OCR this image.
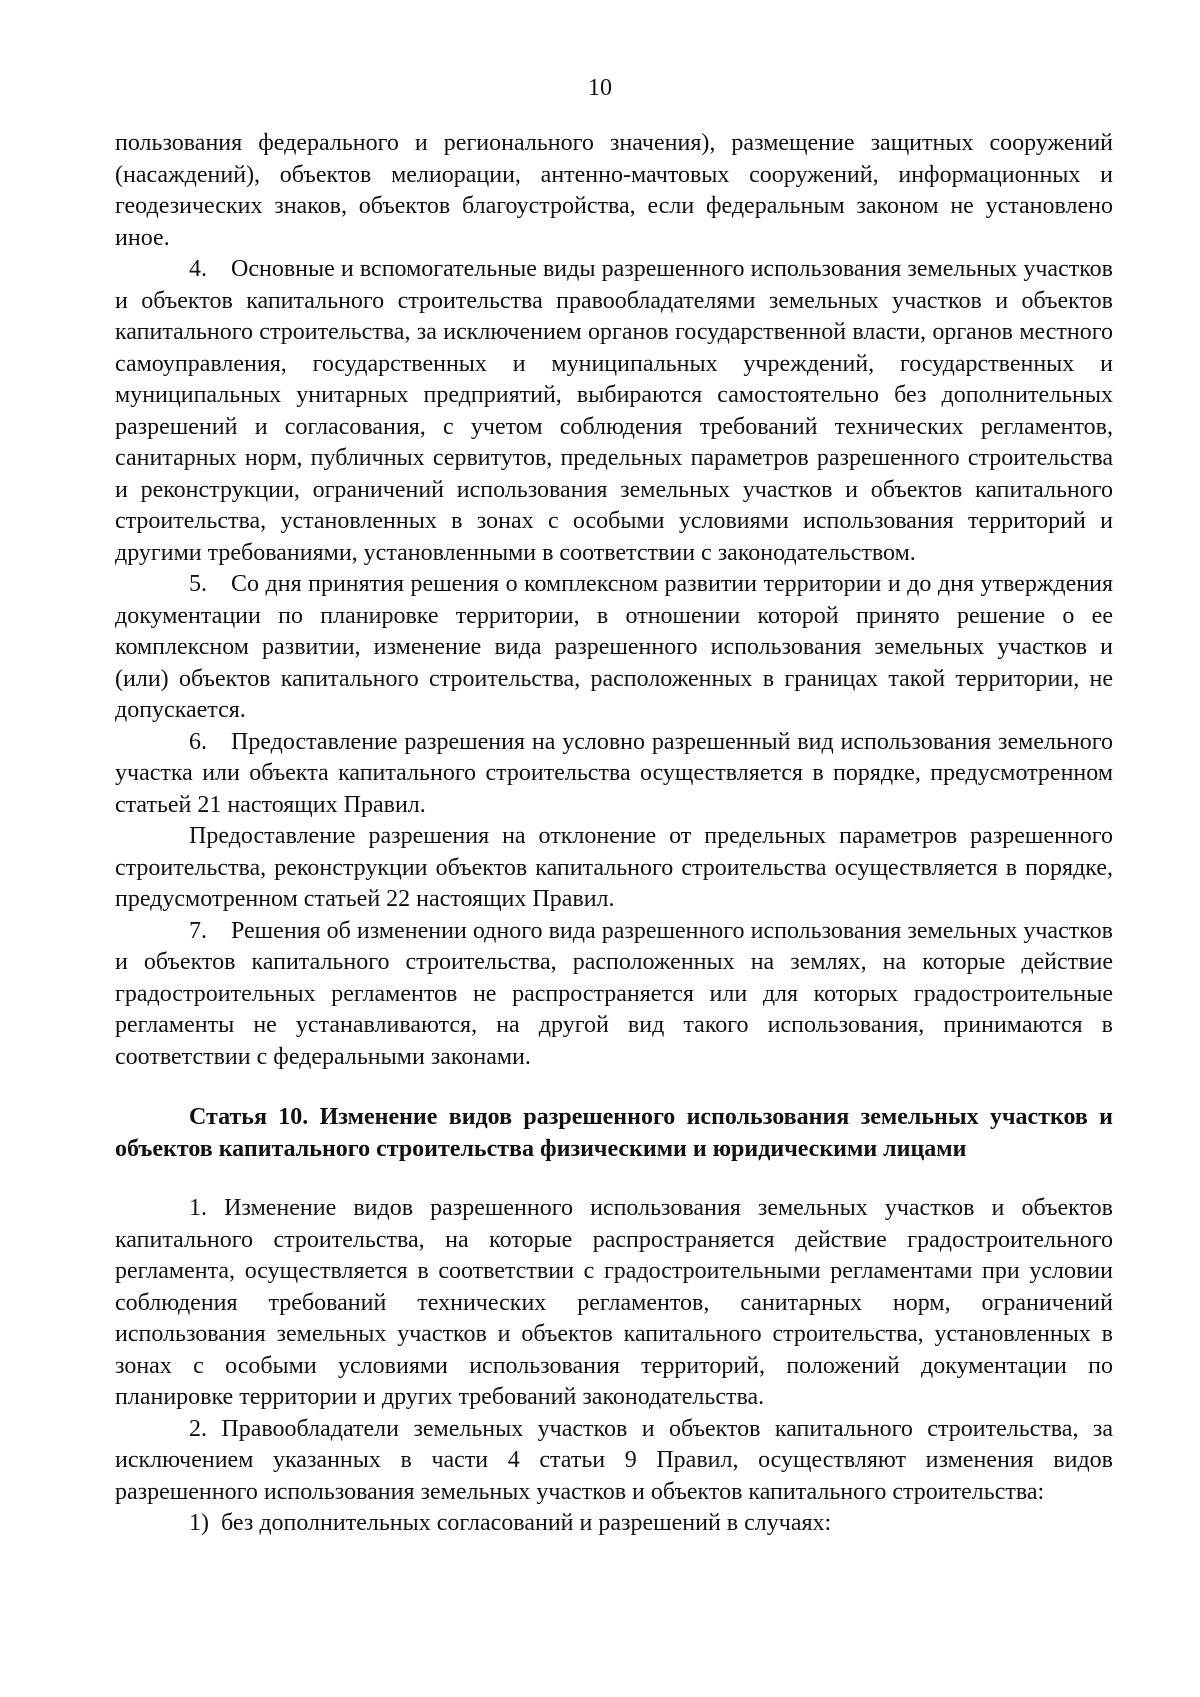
10

пользования федерального и регионального значения), размещение защитных сооружений (насаждений), объектов мелиорации, антенно-мачтовых сооружений, информационных и геодезических знаков, объектов благоустройства, если федеральным законом не установлено иное.

4. Основные и вспомогательные виды разрешенного использования земельных участков и объектов капитального строительства правообладателями земельных участков и объектов капитального строительства, за исключением органов государственной власти, органов местного самоуправления, государственных и муниципальных учреждений, государственных и муниципальных унитарных предприятий, выбираются самостоятельно без дополнительных разрешений и согласования, с учетом соблюдения требований технических регламентов, санитарных норм, публичных сервитутов, предельных параметров разрешенного строительства и реконструкции, ограничений использования земельных участков и объектов капитального строительства, установленных в зонах с особыми условиями использования территорий и другими требованиями, установленными в соответствии с законодательством.

5. Со дня принятия решения о комплексном развитии территории и до дня утверждения документации по планировке территории, в отношении которой принято решение о ее комплексном развитии, изменение вида разрешенного использования земельных участков и (или) объектов капитального строительства, расположенных в границах такой территории, не допускается.

6. Предоставление разрешения на условно разрешенный вид использования земельного участка или объекта капитального строительства осуществляется в порядке, предусмотренном статьей 21 настоящих Правил.

Предоставление разрешения на отклонение от предельных параметров разрешенного строительства, реконструкции объектов капитального строительства осуществляется в порядке, предусмотренном статьей 22 настоящих Правил.

7. Решения об изменении одного вида разрешенного использования земельных участков и объектов капитального строительства, расположенных на землях, на которые действие градостроительных регламентов не распространяется или для которых градостроительные регламенты не устанавливаются, на другой вид такого использования, принимаются в соответствии с федеральными законами.

Статья 10. Изменение видов разрешенного использования земельных участков и объектов капитального строительства физическими и юридическими лицами

1. Изменение видов разрешенного использования земельных участков и объектов капитального строительства, на которые распространяется действие градостроительного регламента, осуществляется в соответствии с градостроительными регламентами при условии соблюдения требований технических регламентов, санитарных норм, ограничений использования земельных участков и объектов капитального строительства, установленных в зонах с особыми условиями использования территорий, положений документации по планировке территории и других требований законодательства.

2. Правообладатели земельных участков и объектов капитального строительства, за исключением указанных в части 4 статьи 9 Правил, осуществляют изменения видов разрешенного использования земельных участков и объектов капитального строительства:

1) без дополнительных согласований и разрешений в случаях:
